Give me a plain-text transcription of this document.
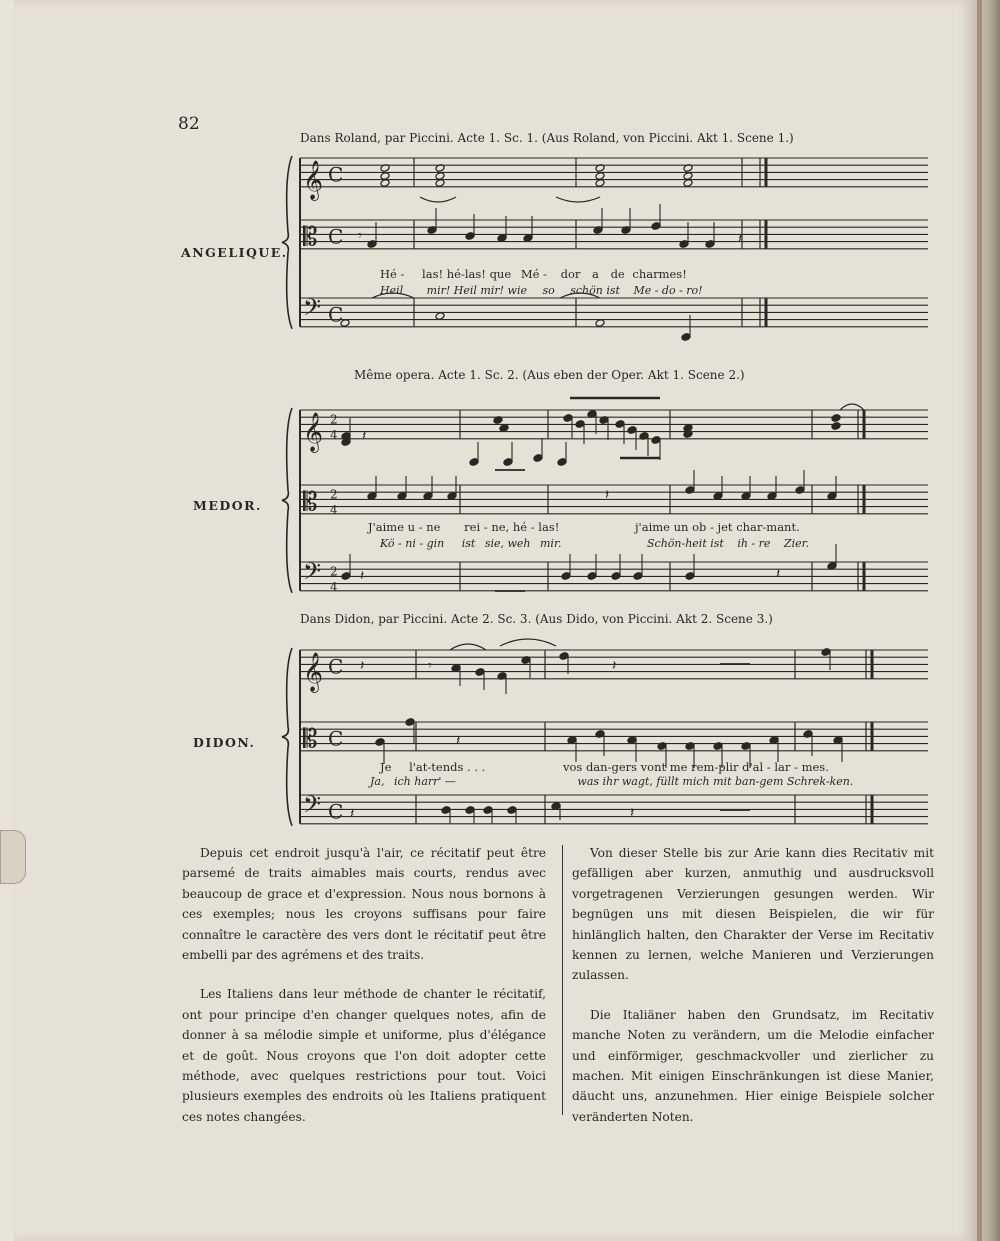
82
Dans Roland, par Piccini. Acte 1. Sc. 1. (Aus Roland, von Piccini. Akt 1. Scene 1.)
ANGELIQUE.
Même opera. Acte 1. Sc. 2. (Aus eben der Oper. Akt 1. Scene 2.)
MEDOR.
Dans Didon, par Piccini. Acte 2. Sc. 3. (Aus Dido, von Piccini. Akt 2. Scene 3.)
DIDON.
𝄞
𝄡
𝄢
C
C
C
𝄞
𝄡
𝄢
2
4
2
4
2
4
𝄞
𝄡
𝄢
C
C
C
𝄾	𝄽
𝄽
𝄽
𝄽	𝄽
𝄽	𝄾	𝄽
𝄽	𝄽
𝄽
Hé - las! hé-las! que Mé - dor a de charmes!
Heil mir! Heil mir! wie so schön ist Me - do - ro!
J'aime u - ne rei - ne, hé - las!	j'aime un ob - jet char-mant.
Kö - ni - gin ist sie, weh mir.	Schön-heit ist ih - re Zier.
Je l'at-tends . . .	vos dan-gers vont me rem-plir d'al - lar - mes.
Ja, ich harr' —	was ihr wagt, füllt mich mit ban-gem Schrek-ken.

Depuis cet endroit jusqu'à l'air, ce récitatif peut être parsemé de traits aimables mais courts, rendus avec beaucoup de grace et d'expression. Nous nous bornons à ces exemples; nous les croyons suffisans pour faire connaître le caractère des vers dont le récitatif peut être embelli par des agrémens et des traits.

Les Italiens dans leur méthode de chanter le récitatif, ont pour principe d'en changer quelques notes, afin de donner à sa mélodie simple et uniforme, plus d'élégance et de goût. Nous croyons que l'on doit adopter cette méthode, avec quelques restrictions pour tout. Voici plusieurs exemples des endroits où les Italiens pratiquent ces notes changées.

Von dieser Stelle bis zur Arie kann dies Recitativ mit gefälligen aber kurzen, anmuthig und ausdrucksvoll vorgetragenen Verzierungen gesungen werden. Wir begnügen uns mit diesen Beispielen, die wir für hinlänglich halten, den Charakter der Verse im Recitativ kennen zu lernen, welche Manieren und Verzierungen zulassen.

Die Italiäner haben den Grundsatz, im Recitativ manche Noten zu verändern, um die Melodie einfacher und einförmiger, geschmackvoller und zierlicher zu machen. Mit einigen Einschränkungen ist diese Manier, däucht uns, anzunehmen. Hier einige Beispiele solcher veränderten Noten.
